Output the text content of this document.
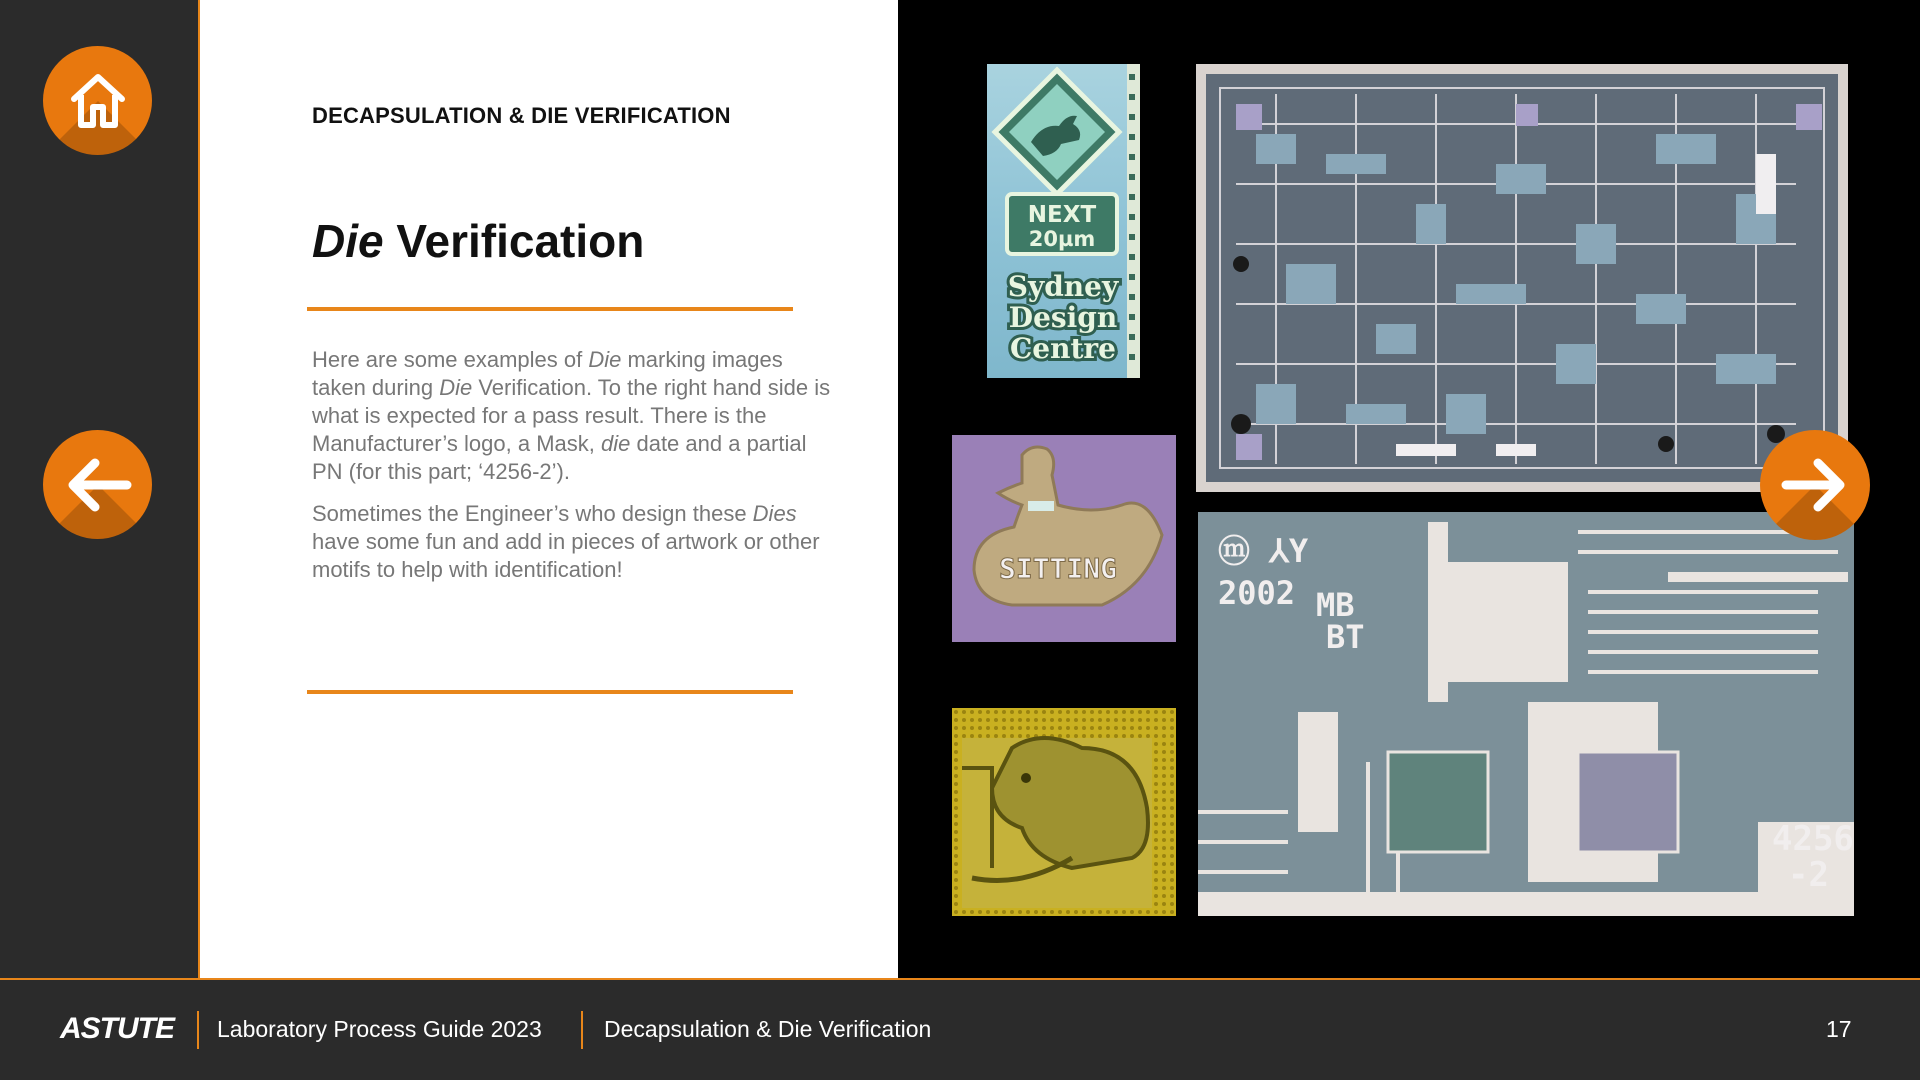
DECAPSULATION & DIE VERIFICATION
Die Verification

Here are some examples of Die marking images taken during Die Verification. To the right hand side is what is expected for a pass result. There is the Manufacturer’s logo, a Mask, die date and a partial PN (for this part; ‘4256-2’).

Sometimes the Engineer’s who design these Dies have some fun and add in pieces of artwork or other motifs to help with identification!

NEXT
20µm
Sydney
Design
Centre
SITTING	ⓜ ⅄Y
2002 MB
BT
4256
-2
ASTUTE Laboratory Process Guide 2023	Decapsulation & Die Verification	17
